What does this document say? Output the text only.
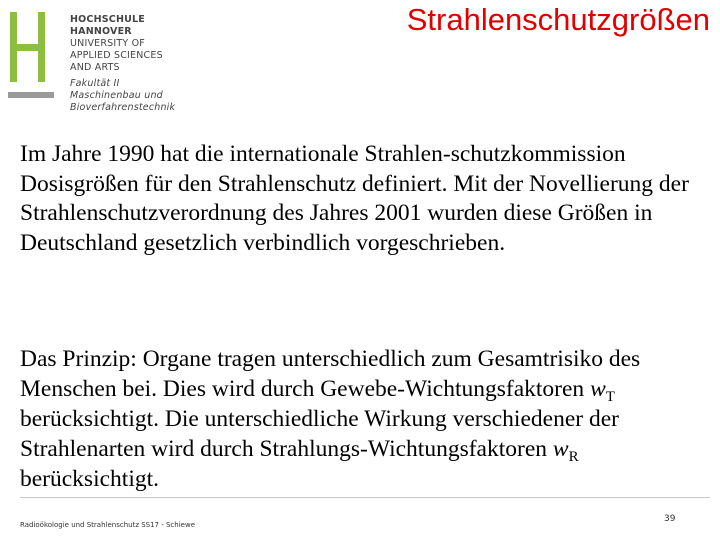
HOCHSCHULE
HANNOVER
UNIVERSITY OF
APPLIED SCIENCES
AND ARTS
Fakultät II
Maschinenbau und
Bioverfahrenstechnik
Strahlenschutzgrößen

Im Jahre 1990 hat die internationale Strahlen-schutzkommission Dosisgrößen für den Strahlenschutz definiert. Mit der Novellierung der Strahlenschutzverordnung des Jahres 2001 wurden diese Größen in Deutschland gesetzlich verbindlich vorgeschrieben.

Das Prinzip: Organe tragen unterschiedlich zum Gesamtrisiko des Menschen bei. Dies wird durch Gewebe-Wichtungsfaktoren $w_T$ berücksichtigt. Die unterschiedliche Wirkung verschiedener der Strahlenarten wird durch Strahlungs-Wichtungsfaktoren $w_R$ berücksichtigt.

Radioökologie und Strahlenschutz SS17 - Schiewe
39
